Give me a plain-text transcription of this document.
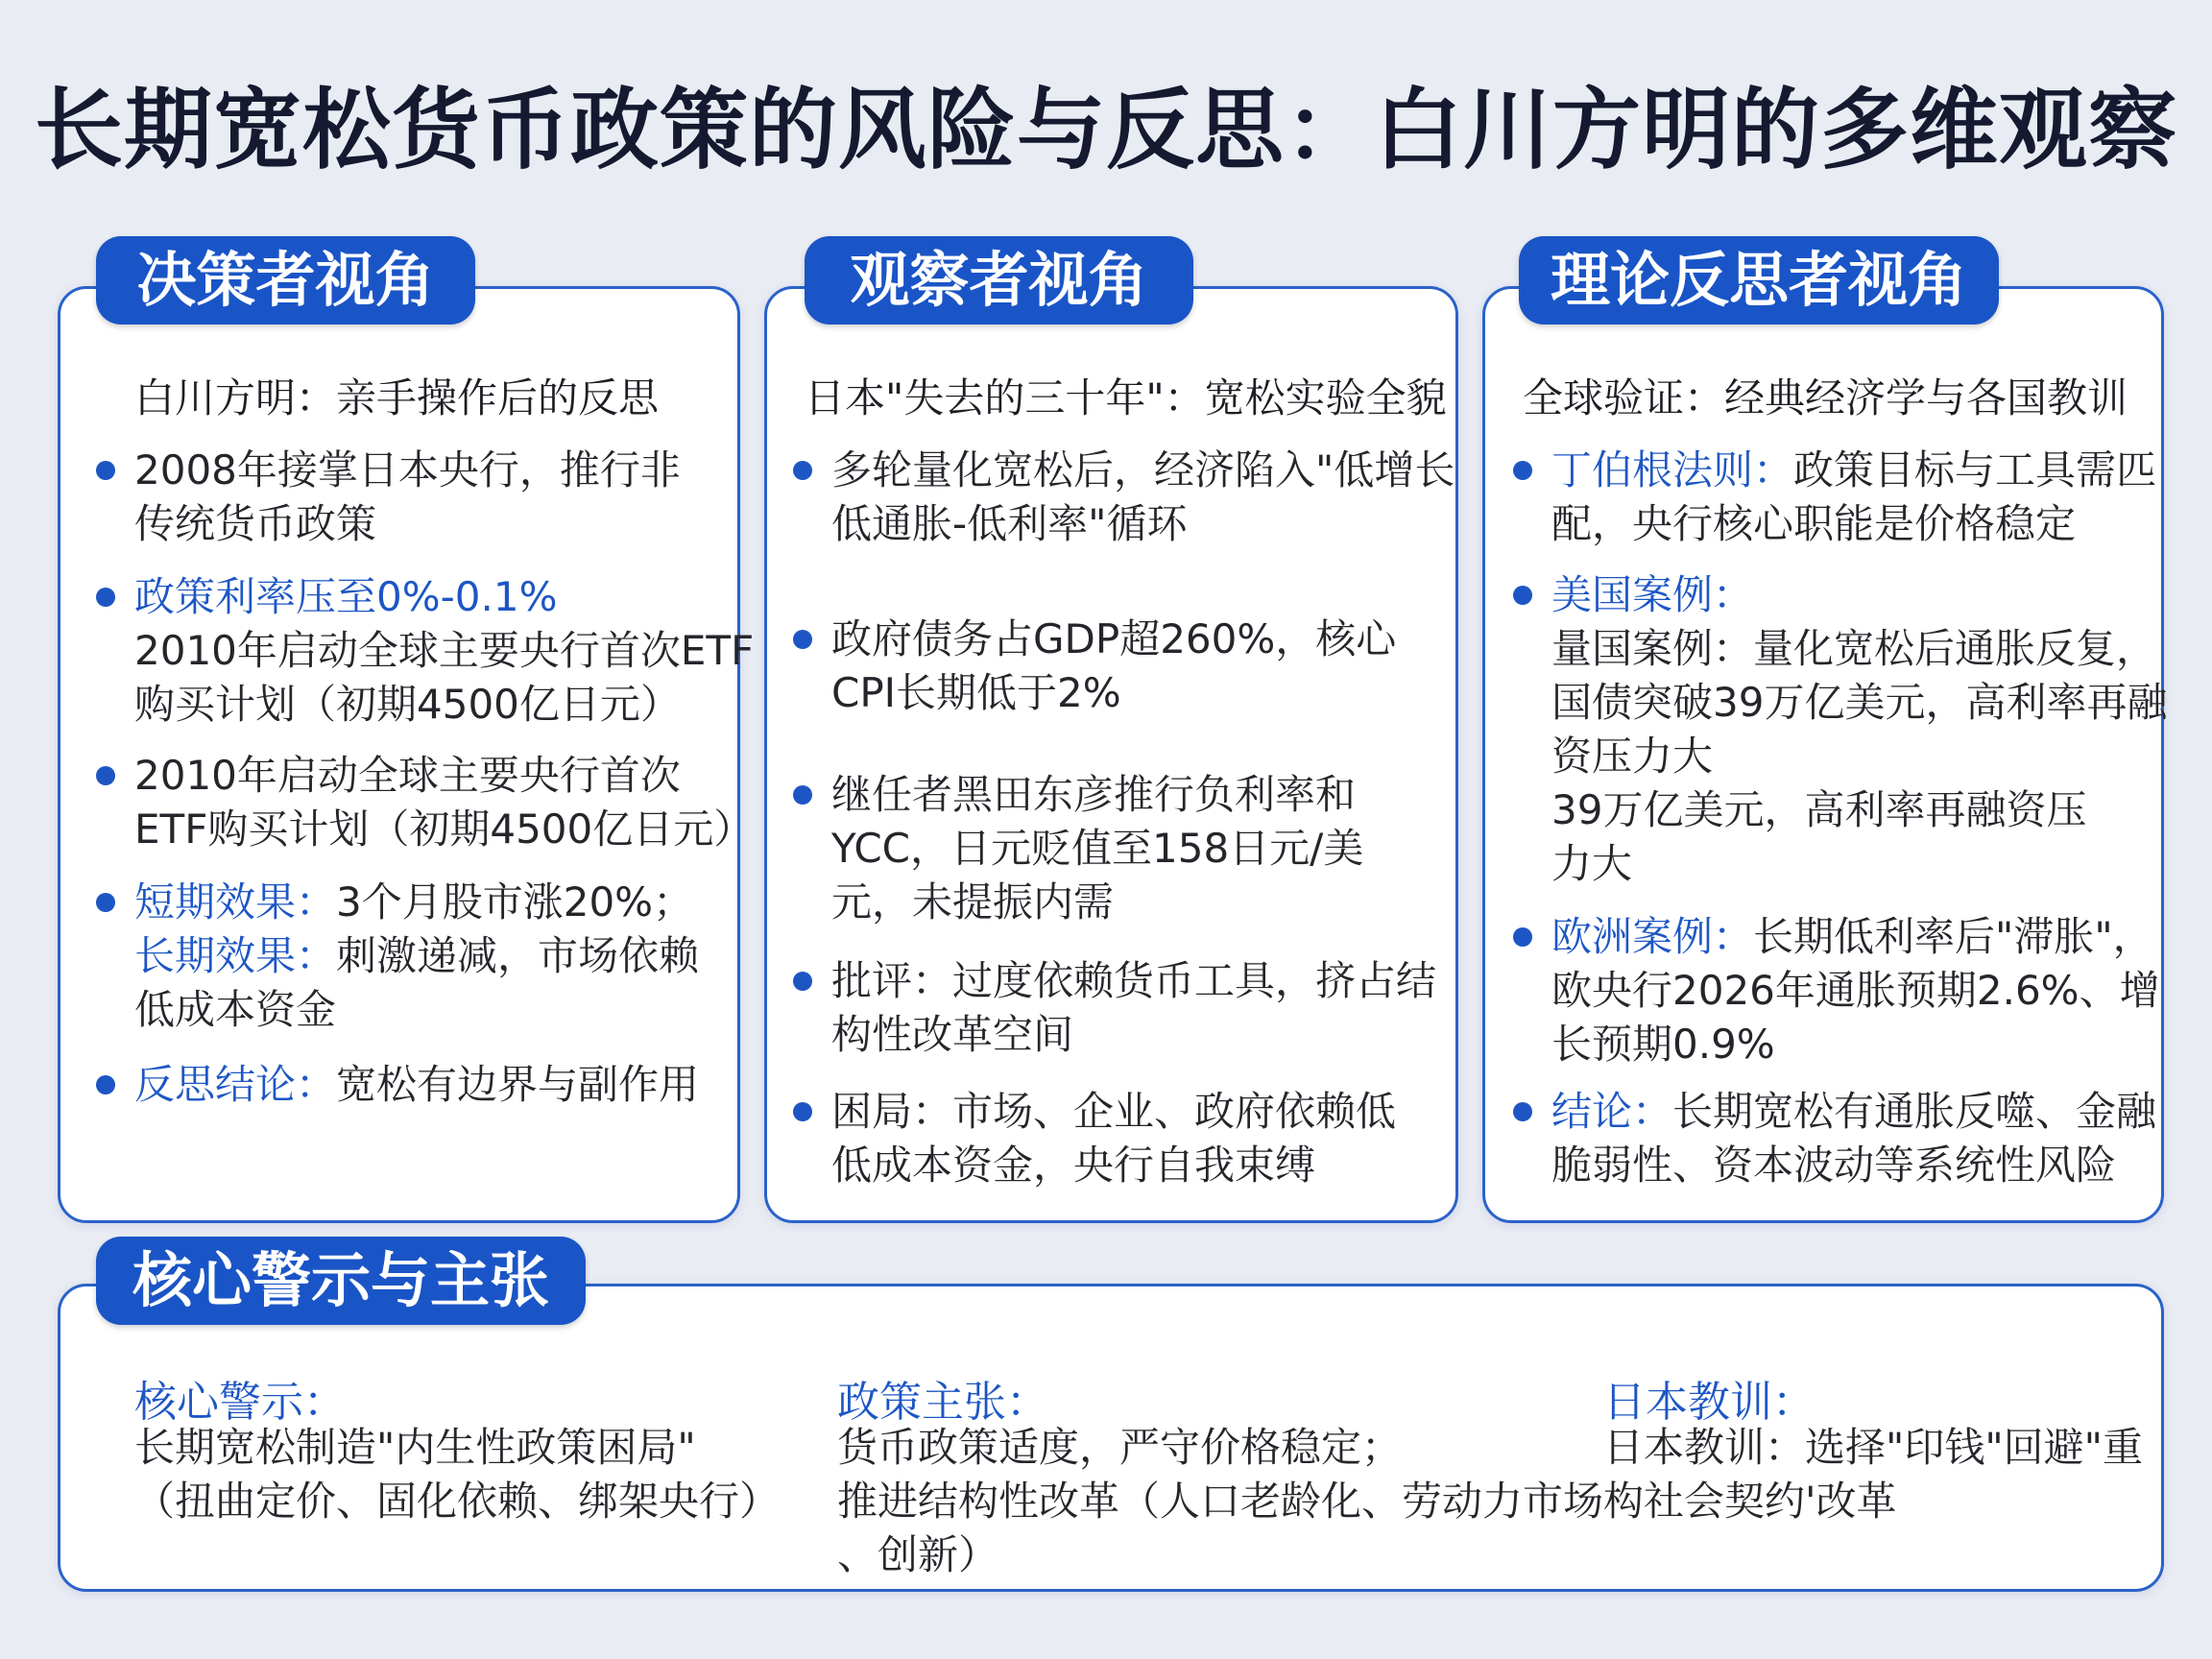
长期宽松货币政策的风险与反思：白川方明的多维观察
决策者视角
白川方明：亲手操作后的反思
2008年接掌日本央行，推行非
传统货币政策
政策利率压至0%-0.1%
2010年启动全球主要央行首次ETF
购买计划（初期4500亿日元）
2010年启动全球主要央行首次
ETF购买计划（初期4500亿日元）
短期效果：3个月股市涨20%；
长期效果：刺激递减，市场依赖
低成本资金
反思结论：宽松有边界与副作用
观察者视角
日本"失去的三十年"：宽松实验全貌
多轮量化宽松后，经济陷入"低增长
低通胀-低利率"循环
政府债务占GDP超260%，核心
CPI长期低于2%
继任者黑田东彦推行负利率和
YCC，日元贬值至158日元/美
元，未提振内需
批评：过度依赖货币工具，挤占结
构性改革空间
困局：市场、企业、政府依赖低
低成本资金，央行自我束缚
理论反思者视角
全球验证：经典经济学与各国教训
丁伯根法则：政策目标与工具需匹
配，央行核心职能是价格稳定
美国案例：
量国案例：量化宽松后通胀反复，
国债突破39万亿美元，高利率再融
资压力大
39万亿美元，高利率再融资压
力大
欧洲案例：长期低利率后"滞胀"，
欧央行2026年通胀预期2.6%、增
长预期0.9%
结论：长期宽松有通胀反噬、金融
脆弱性、资本波动等系统性风险
核心警示与主张
核心警示：
长期宽松制造"内生性政策困局"
（扭曲定价、固化依赖、绑架央行）
政策主张：
货币政策适度，严守价格稳定；
推进结构性改革（人口老龄化、劳动力市场
、创新）
日本教训：
日本教训：选择"印钱"回避"重
构社会契约'改革
